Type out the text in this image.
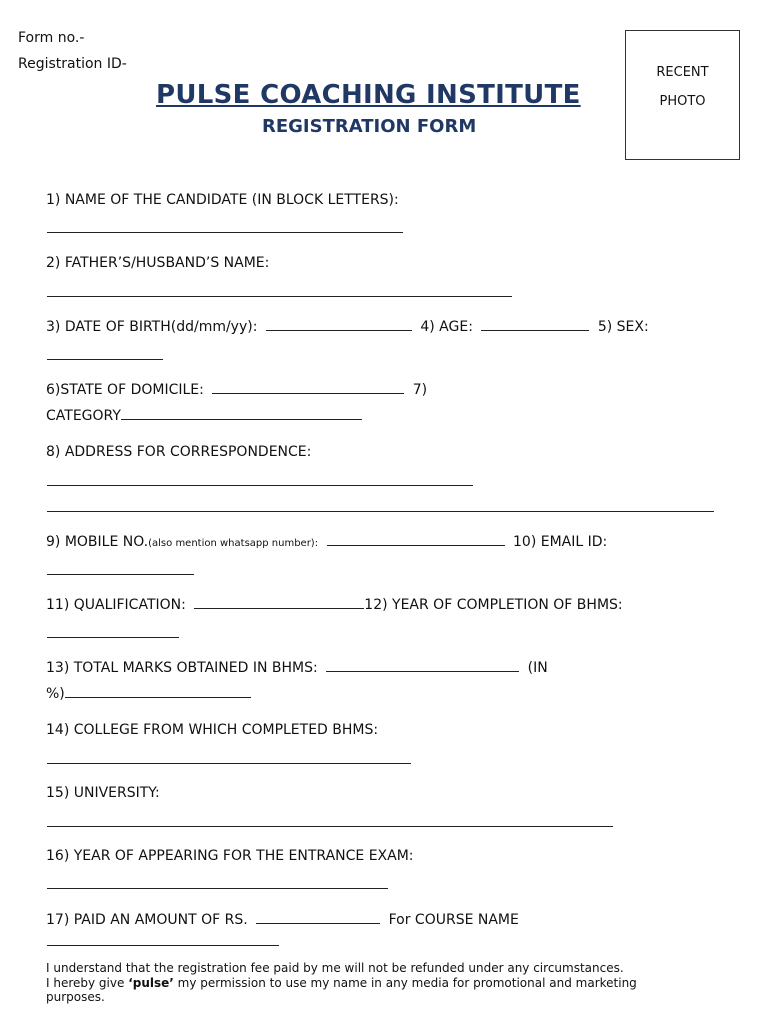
Form no.-
Registration ID-
RECENT
PHOTO
PULSE COACHING INSTITUTE
REGISTRATION FORM
1) NAME OF THE CANDIDATE (IN BLOCK LETTERS):
2) FATHER’S/HUSBAND’S NAME:
3) DATE OF BIRTH(dd/mm/yy):	4) AGE:	5) SEX:
6)STATE OF DOMICILE:	7)
CATEGORY
8) ADDRESS FOR CORRESPONDENCE:
9) MOBILE NO.(also mention whatsapp number):	10) EMAIL ID:
11) QUALIFICATION:	12) YEAR OF COMPLETION OF BHMS:
13) TOTAL MARKS OBTAINED IN BHMS:	(IN
%)
14) COLLEGE FROM WHICH COMPLETED BHMS:
15) UNIVERSITY:
16) YEAR OF APPEARING FOR THE ENTRANCE EXAM:
17) PAID AN AMOUNT OF RS.	For COURSE NAME
I understand that the registration fee paid by me will not be refunded under any circumstances.
I hereby give ‘pulse’ my permission to use my name in any media for promotional and marketing
purposes.
